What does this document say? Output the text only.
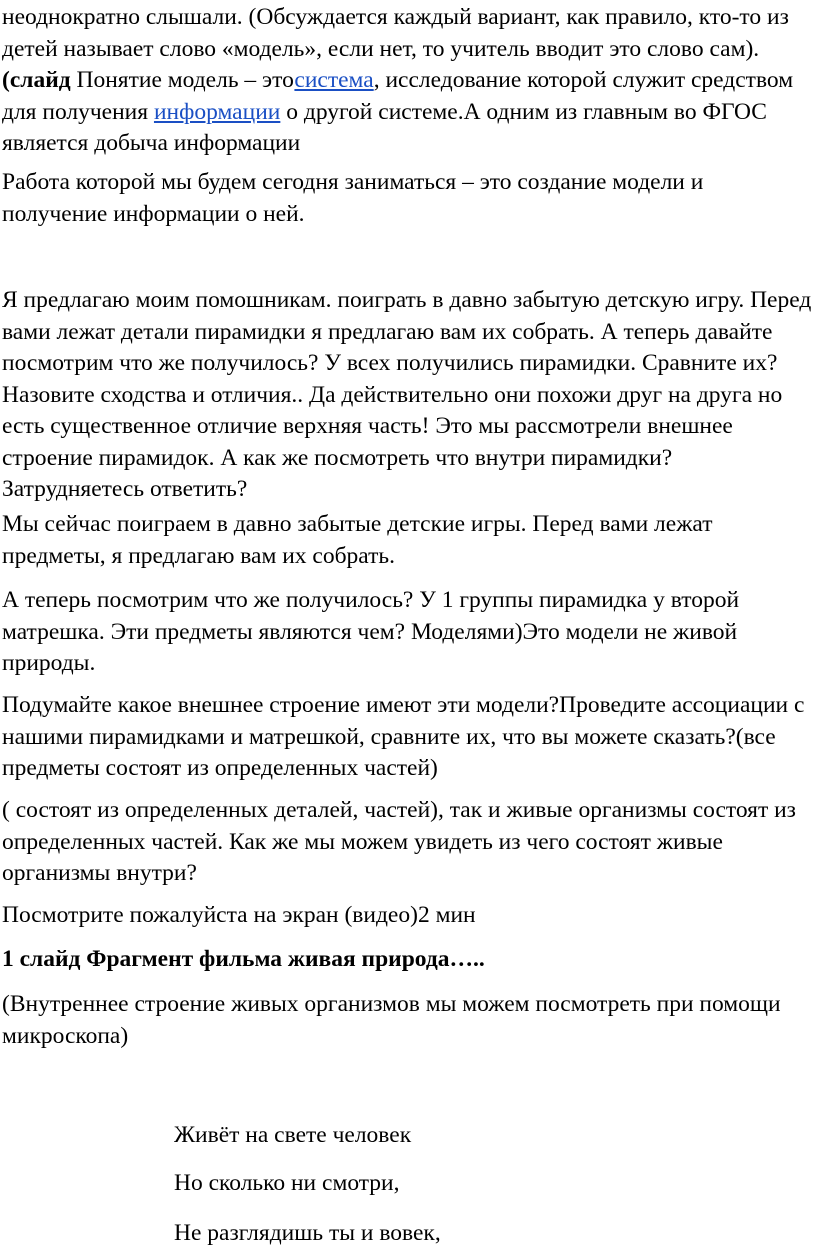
неоднократно слышали. (Обсуждается каждый вариант, как правило, кто-то из детей называет слово «модель», если нет, то учитель вводит это слово сам).(слайд Понятие модель – этосистема, исследование которой служит средством для получения информации о другой системе.А одним из главным во ФГОС является добыча информации

Работа которой мы будем сегодня заниматься – это создание модели и получение информации о ней.

Я предлагаю моим помошникам. поиграть в давно забытую детскую игру. Перед вами лежат детали пирамидки я предлагаю вам их собрать. А теперь давайте посмотрим что же получилось? У всех получились пирамидки. Сравните их?Назовите сходства и отличия.. Да действительно они похожи друг на друга но есть существенное отличие верхняя часть! Это мы рассмотрели внешнее строение пирамидок. А как же посмотреть что внутри пирамидки? Затрудняетесь ответить?

Мы сейчас поиграем в давно забытые детские игры. Перед вами лежат предметы, я предлагаю вам их собрать.

А теперь посмотрим что же получилось? У 1 группы пирамидка у второй матрешка. Эти предметы являются чем? Моделями)Это модели не живой природы.

Подумайте какое внешнее строение имеют эти модели?Проведите ассоциации с нашими пирамидками и матрешкой, сравните их, что вы можете сказать?(все предметы состоят из определенных частей)

( состоят из определенных деталей, частей), так и живые организмы состоят из определенных частей. Как же мы можем увидеть из чего состоят живые организмы внутри?

Посмотрите пожалуйста на экран (видео)2 мин

1 слайд Фрагмент фильма живая природа…..

(Внутреннее строение живых организмов мы можем посмотреть при помощи микроскопа)

Живёт на свете человек

Но сколько ни смотри,

Не разглядишь ты и вовек,
